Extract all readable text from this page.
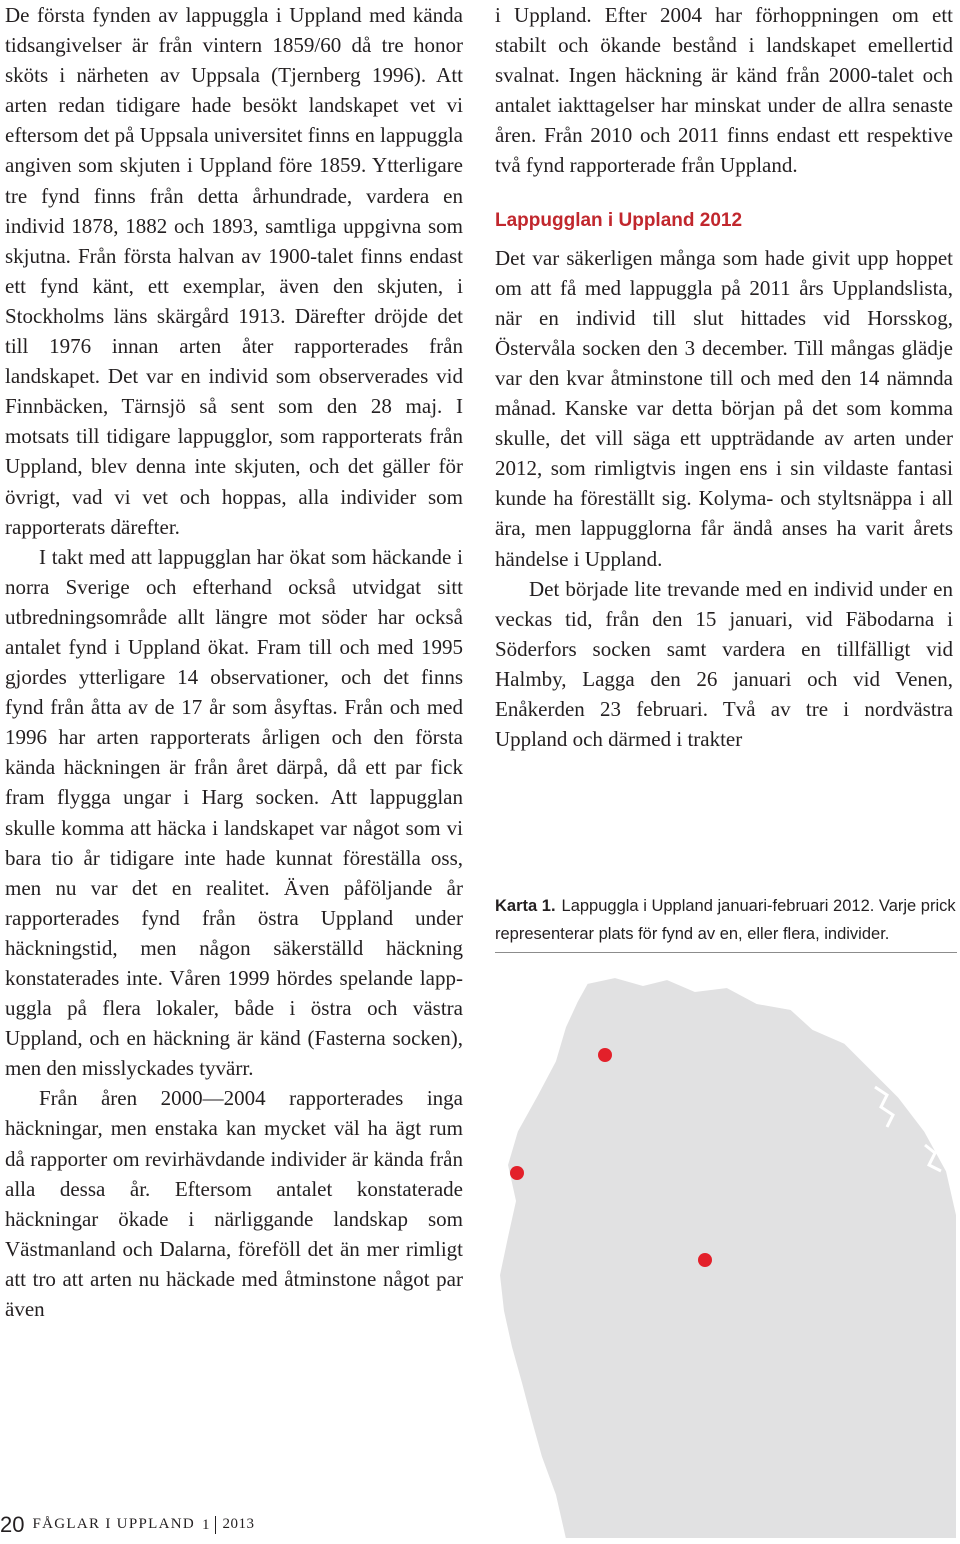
De första fynden av lappuggla i Uppland med kända tidsangivelser är från vintern 1859/60 då tre honor sköts i närheten av Uppsala (Tjernberg 1996). Att arten redan tidigare hade besökt landskapet vet vi eftersom det på Uppsala universitet finns en lappuggla angiven som skjuten i Uppland före 1859. Ytterligare tre fynd finns från detta århundrade, vardera en individ 1878, 1882 och 1893, samtliga uppgivna som skjutna. Från första halvan av 1900-talet finns endast ett fynd känt, ett exemplar, även den skjuten, i Stockholms läns skärgård 1913. Därefter dröjde det till 1976 innan arten åter rapporterades från landskapet. Det var en individ som observerades vid Finnbäcken, Tärnsjö så sent som den 28 maj. I motsats till tidigare lappugglor, som rapporterats från Uppland, blev denna inte skjuten, och det gäller för övrigt, vad vi vet och hoppas, alla individer som rapporterats därefter.

I takt med att lappugglan har ökat som häckande i norra Sverige och efterhand också utvidgat sitt utbredningsområde allt längre mot söder har också antalet fynd i Uppland ökat. Fram till och med 1995 gjordes ytterligare 14 observationer, och det finns fynd från åtta av de 17 år som åsyftas. Från och med 1996 har arten rapporterats årligen och den första kända häckningen är från året därpå, då ett par fick fram flygga ungar i Harg socken. Att lappugglan skulle komma att häcka i landskapet var något som vi bara tio år tidigare inte hade kunnat föreställa oss, men nu var det en realitet. Även påföljande år rapporterades fynd från östra Uppland under häckningstid, men någon säkerställd häckning konstaterades inte. Våren 1999 hördes spelande lappuggla på flera lokaler, både i östra och västra Uppland, och en häckning är känd (Fasterna socken), men den misslyckades tyvärr.

Från åren 2000—2004 rapporterades inga häckningar, men enstaka kan mycket väl ha ägt rum då rapporter om revirhävdande individer är kända från alla dessa år. Eftersom antalet konstaterade häckningar ökade i närliggande landskap som Västmanland och Dalarna, föreföll det än mer rimligt att tro att arten nu häckade med åtminstone något par även

i Uppland. Efter 2004 har förhoppningen om ett stabilt och ökande bestånd i landskapet emellertid svalnat. Ingen häckning är känd från 2000-talet och antalet iakttagelser har minskat under de allra senaste åren. Från 2010 och 2011 finns endast ett respektive två fynd rapporterade från Uppland.

Lappugglan i Uppland 2012

Det var säkerligen många som hade givit upp hoppet om att få med lappuggla på 2011 års Upplandslista, när en individ till slut hittades vid Horsskog, Östervåla socken den 3 december. Till mångas glädje var den kvar åtminstone till och med den 14 nämnda månad. Kanske var detta början på det som komma skulle, det vill säga ett uppträdande av arten under 2012, som rimligtvis ingen ens i sin vildaste fantasi kunde ha föreställt sig. Kolyma- och styltsnäppa i all ära, men lappugglorna får ändå anses ha varit årets händelse i Uppland.

Det började lite trevande med en individ under en veckas tid, från den 15 januari, vid Fäbodarna i Söderfors socken samt vardera en tillfälligt vid Halmby, Lagga den 26 januari och vid Venen, Enåkerden 23 februari. Två av tre i nordvästra Uppland och därmed i trakter

Karta 1. Lappuggla i Uppland januari-februari 2012. Varje prick representerar plats för fynd av en, eller flera, individer.
20 FÅGLAR I UPPLAND 1 2013
